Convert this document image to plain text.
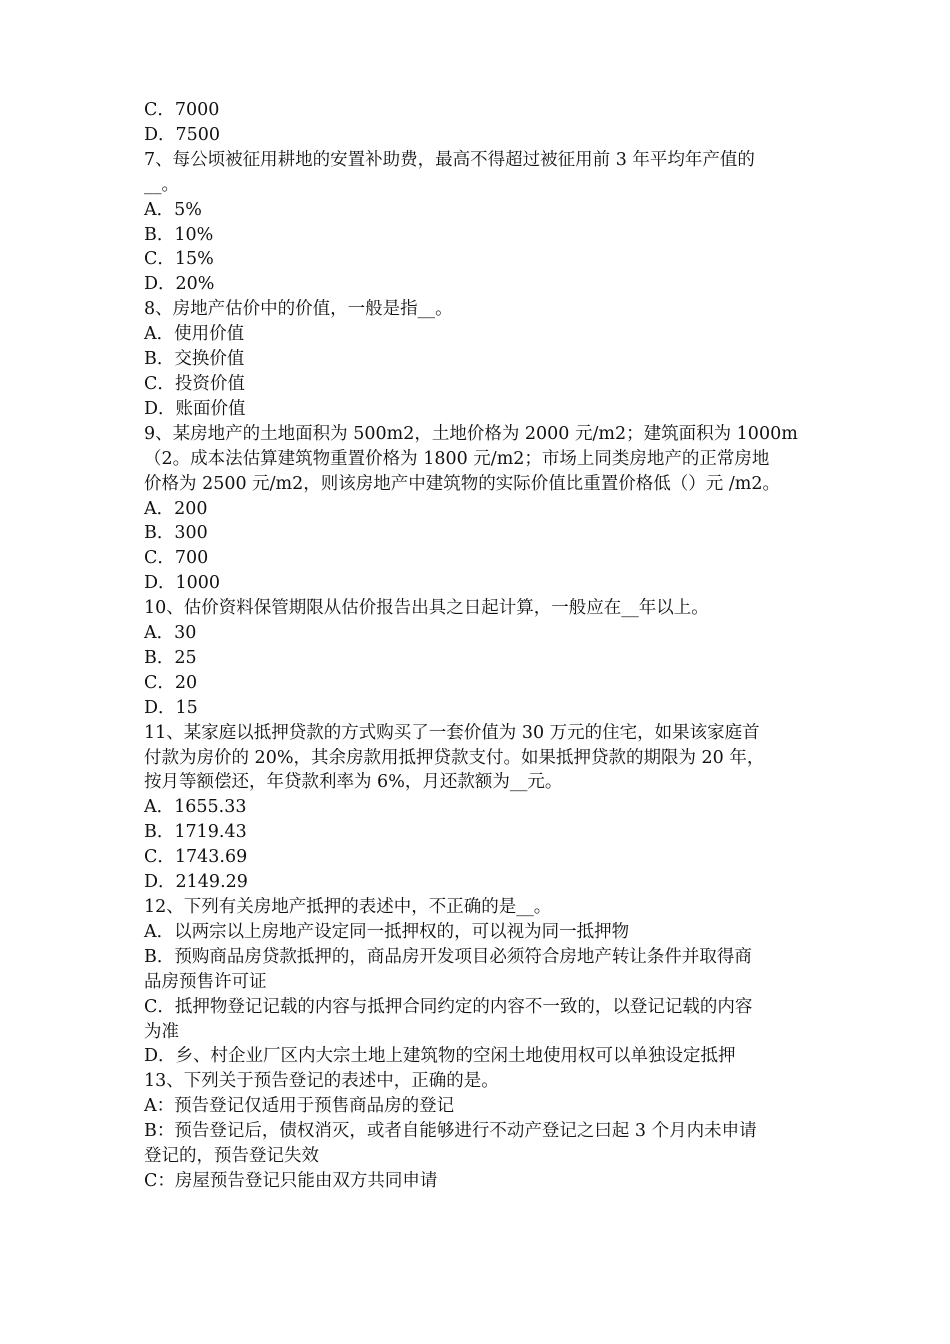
C．7000

D．7500

7、每公顷被征用耕地的安置补助费，最高不得超过被征用前 3 年平均年产值的

__。

A．5%

B．10%

C．15%

D．20%

8、房地产估价中的价值，一般是指__。

A．使用价值

B．交换价值

C．投资价值

D．账面价值

9、某房地产的土地面积为 500m2，土地价格为 2000 元/m2；建筑面积为 1000m

（2。成本法估算建筑物重置价格为 1800 元/m2；市场上同类房地产的正常房地

价格为 2500 元/m2，则该房地产中建筑物的实际价值比重置价格低（）元 /m2。

A．200

B．300

C．700

D．1000

10、估价资料保管期限从估价报告出具之日起计算，一般应在__年以上。

A．30

B．25

C．20

D．15

11、某家庭以抵押贷款的方式购买了一套价值为 30 万元的住宅，如果该家庭首

付款为房价的 20%，其余房款用抵押贷款支付。如果抵押贷款的期限为 20 年，

按月等额偿还，年贷款利率为 6%，月还款额为__元。

A．1655.33

B．1719.43

C．1743.69

D．2149.29

12、下列有关房地产抵押的表述中，不正确的是__。

A．以两宗以上房地产设定同一抵押权的，可以视为同一抵押物

B．预购商品房贷款抵押的，商品房开发项目必须符合房地产转让条件并取得商

品房预售许可证

C．抵押物登记记载的内容与抵押合同约定的内容不一致的，以登记记载的内容

为准

D．乡、村企业厂区内大宗土地上建筑物的空闲土地使用权可以单独设定抵押

13、下列关于预告登记的表述中，正确的是。

A：预告登记仅适用于预售商品房的登记

B：预告登记后，债权消灭，或者自能够进行不动产登记之曰起 3 个月内未申请

登记的，预告登记失效

C：房屋预告登记只能由双方共同申请
